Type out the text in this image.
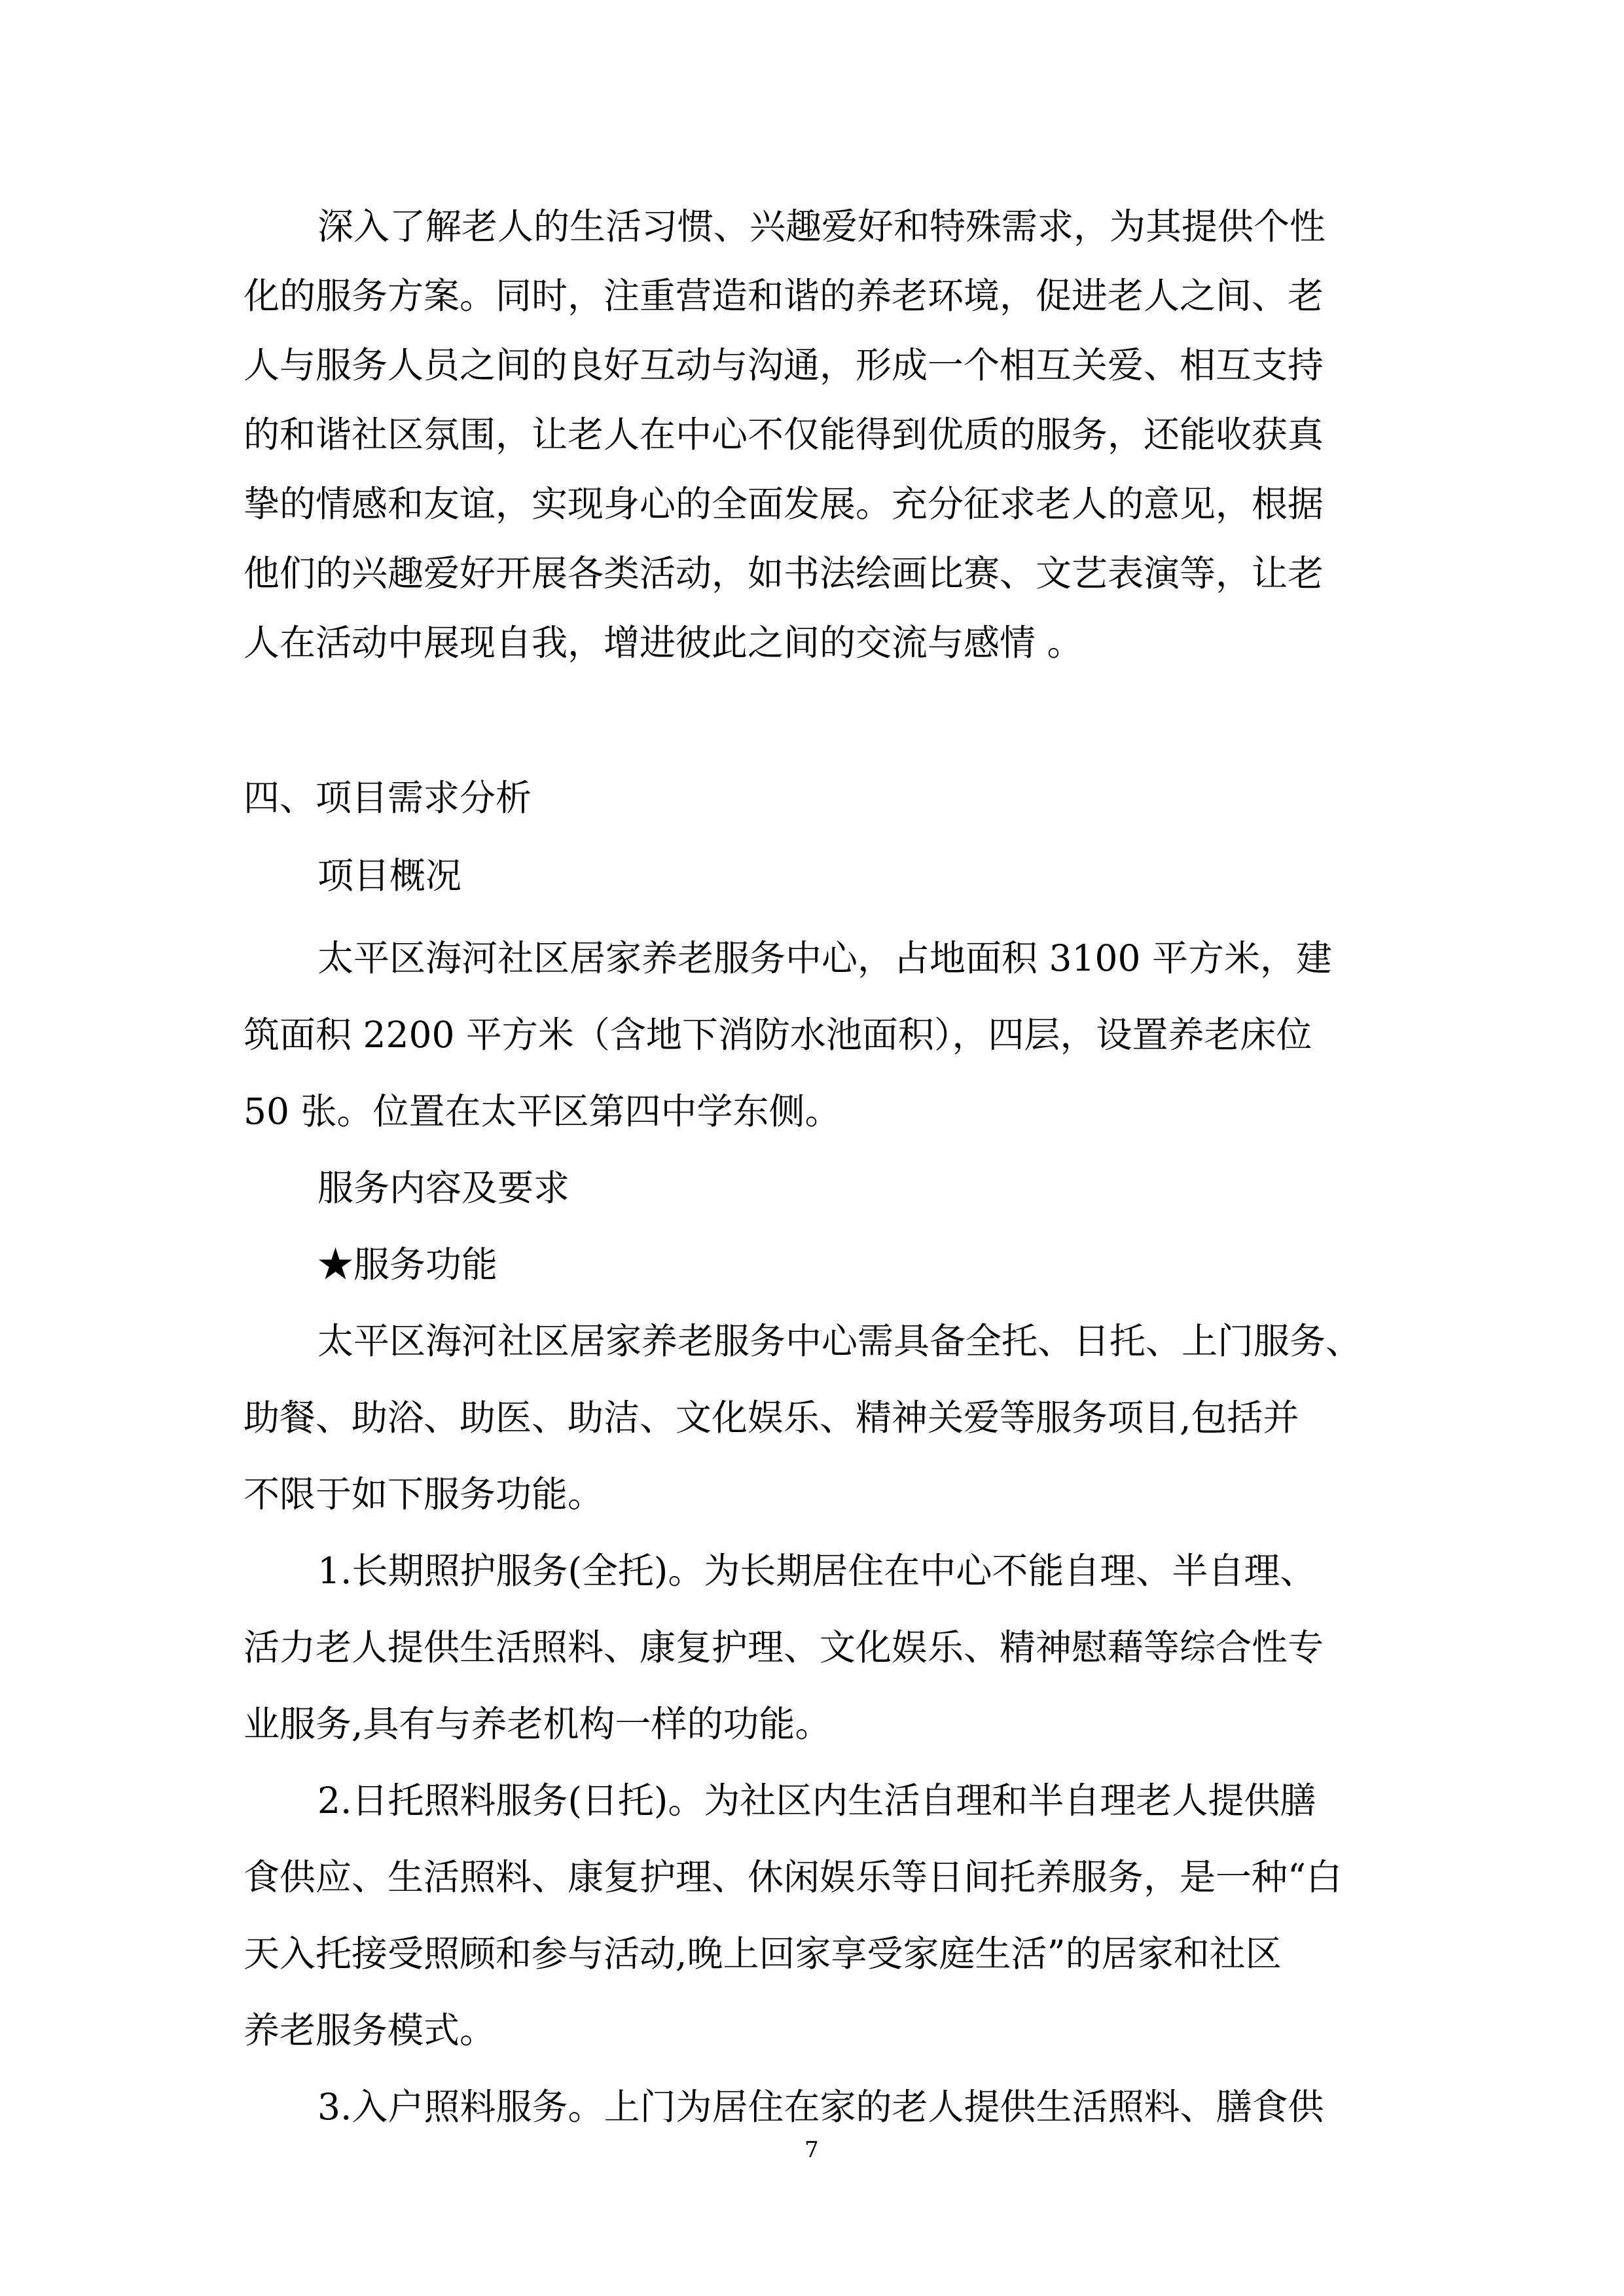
深入了解老人的生活习惯、兴趣爱好和特殊需求，为其提供个性
化的服务方案。同时，注重营造和谐的养老环境，促进老人之间、老
人与服务人员之间的良好互动与沟通，形成一个相互关爱、相互支持
的和谐社区氛围，让老人在中心不仅能得到优质的服务，还能收获真
挚的情感和友谊，实现身心的全面发展。充分征求老人的意见，根据
他们的兴趣爱好开展各类活动，如书法绘画比赛、文艺表演等，让老
人在活动中展现自我，增进彼此之间的交流与感情 。
四、项目需求分析
项目概况
太平区海河社区居家养老服务中心，占地面积 3100 平方米，建
筑面积 2200 平方米（含地下消防水池面积），四层，设置养老床位
50 张。位置在太平区第四中学东侧。
服务内容及要求
★服务功能
太平区海河社区居家养老服务中心需具备全托、日托、上门服务、
助餐、助浴、助医、助洁、文化娱乐、精神关爱等服务项目,包括并
不限于如下服务功能。
1.长期照护服务(全托)。为长期居住在中心不能自理、半自理、
活力老人提供生活照料、康复护理、文化娱乐、精神慰藉等综合性专
业服务,具有与养老机构一样的功能。
2.日托照料服务(日托)。为社区内生活自理和半自理老人提供膳
食供应、生活照料、康复护理、休闲娱乐等日间托养服务，是一种“白
天入托接受照顾和参与活动,晚上回家享受家庭生活”的居家和社区
养老服务模式。
3.入户照料服务。上门为居住在家的老人提供生活照料、膳食供
7
